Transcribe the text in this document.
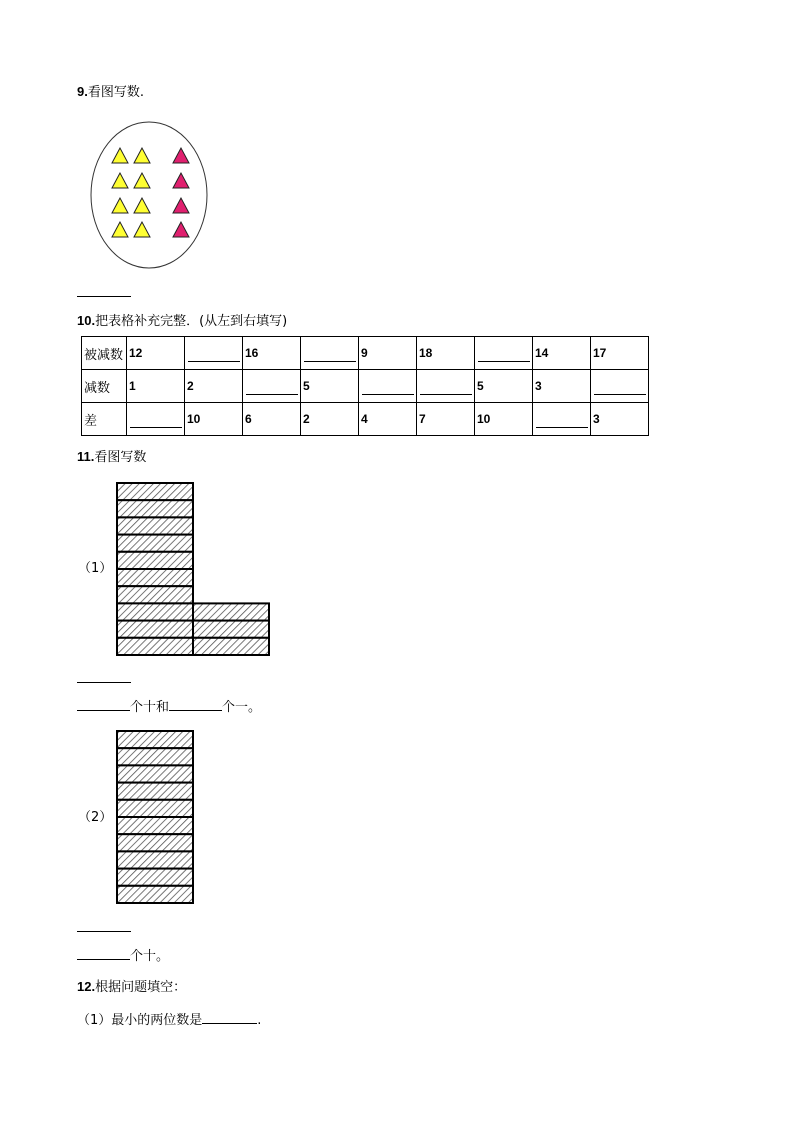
9.看图写数.
10.把表格补充完整．(从左到右填写)
被减数	12		16		9	18		14	17
减数	1	2		5			5	3	

差		10	6	2	4	7	10		3
11.看图写数
（1）
个十和	个一。
（2）
个十。
12.根据问题填空：
（1）最小的两位数是	.
